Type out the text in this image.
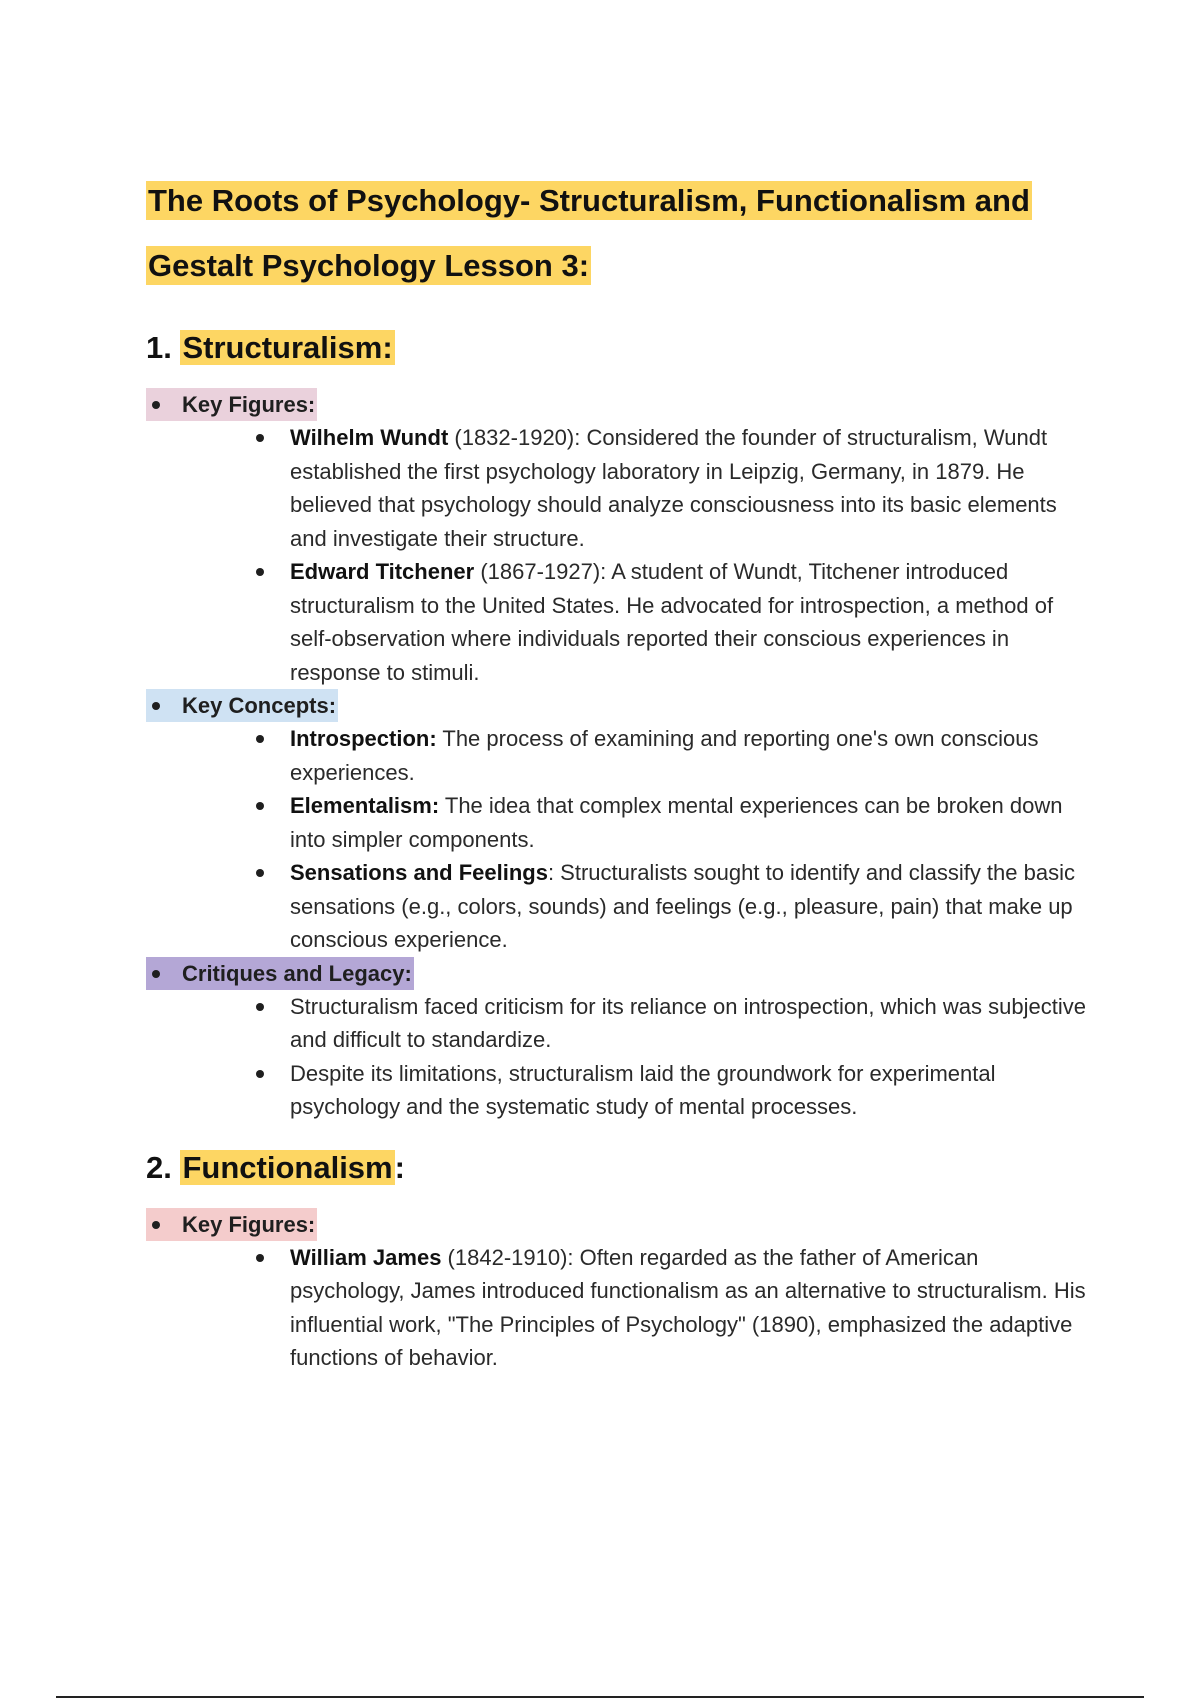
The Roots of Psychology- Structuralism, Functionalism and
Gestalt Psychology Lesson 3:
1. Structuralism:
Key Figures:
Wilhelm Wundt (1832-1920): Considered the founder of structuralism, Wundt established the first psychology laboratory in Leipzig, Germany, in 1879. He believed that psychology should analyze consciousness into its basic elements and investigate their structure.
Edward Titchener (1867-1927): A student of Wundt, Titchener introduced structuralism to the United States. He advocated for introspection, a method of self-observation where individuals reported their conscious experiences in response to stimuli.
Key Concepts:
Introspection: The process of examining and reporting one's own conscious experiences.
Elementalism: The idea that complex mental experiences can be broken down into simpler components.
Sensations and Feelings: Structuralists sought to identify and classify the basic sensations (e.g., colors, sounds) and feelings (e.g., pleasure, pain) that make up conscious experience.
Critiques and Legacy:
Structuralism faced criticism for its reliance on introspection, which was subjective and difficult to standardize.
Despite its limitations, structuralism laid the groundwork for experimental psychology and the systematic study of mental processes.
2. Functionalism:
Key Figures:
William James (1842-1910): Often regarded as the father of American psychology, James introduced functionalism as an alternative to structuralism. His influential work, "The Principles of Psychology" (1890), emphasized the adaptive functions of behavior.
